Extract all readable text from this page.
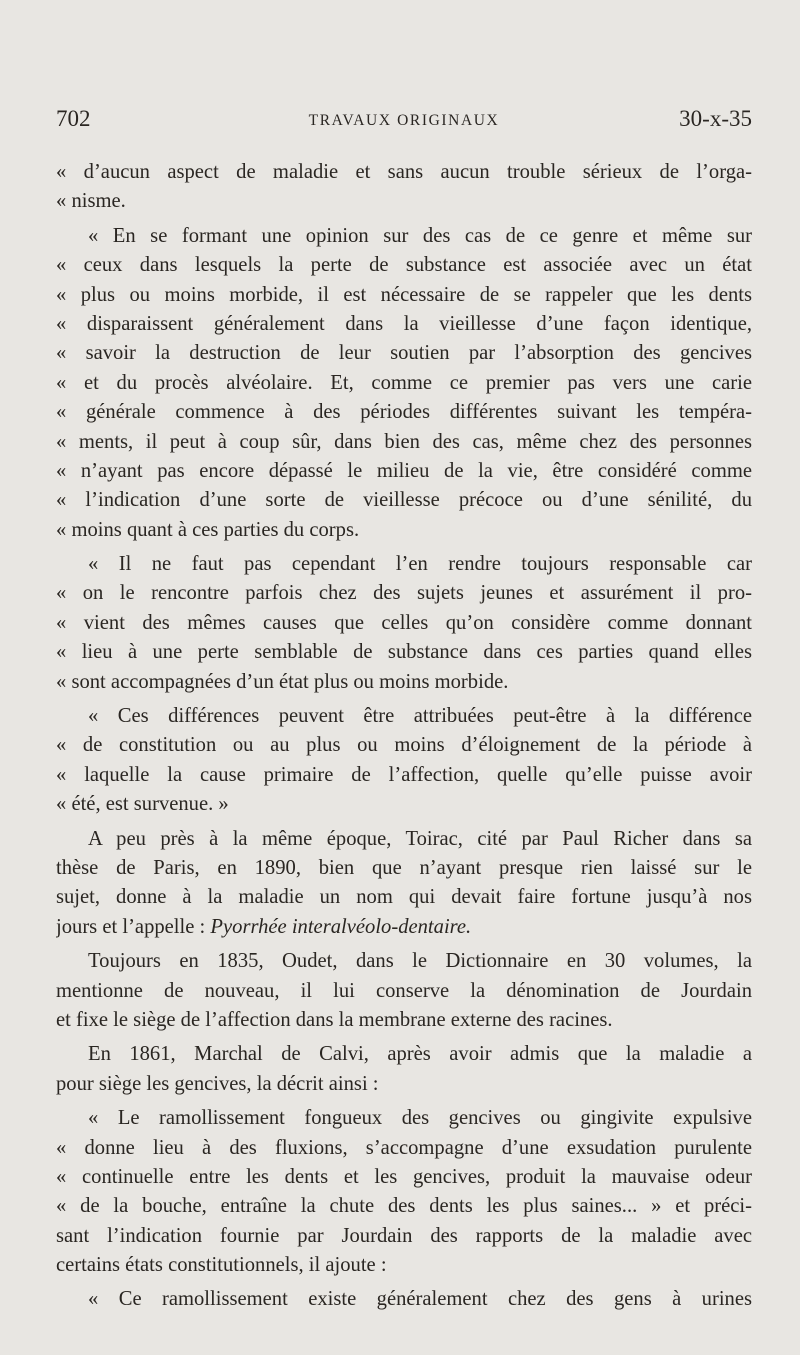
702	TRAVAUX ORIGINAUX	30-x-35
« d’aucun aspect de maladie et sans aucun trouble sérieux de l’orga-
« nisme.
« En se formant une opinion sur des cas de ce genre et même sur
« ceux dans lesquels la perte de substance est associée avec un état
« plus ou moins morbide, il est nécessaire de se rappeler que les dents
« disparaissent généralement dans la vieillesse d’une façon identique,
« savoir la destruction de leur soutien par l’absorption des gencives
« et du procès alvéolaire. Et, comme ce premier pas vers une carie
« générale commence à des périodes différentes suivant les tempéra-
« ments, il peut à coup sûr, dans bien des cas, même chez des personnes
« n’ayant pas encore dépassé le milieu de la vie, être considéré comme
« l’indication d’une sorte de vieillesse précoce ou d’une sénilité, du
« moins quant à ces parties du corps.
« Il ne faut pas cependant l’en rendre toujours responsable car
« on le rencontre parfois chez des sujets jeunes et assurément il pro-
« vient des mêmes causes que celles qu’on considère comme donnant
« lieu à une perte semblable de substance dans ces parties quand elles
« sont accompagnées d’un état plus ou moins morbide.
« Ces différences peuvent être attribuées peut-être à la différence
« de constitution ou au plus ou moins d’éloignement de la période à
« laquelle la cause primaire de l’affection, quelle qu’elle puisse avoir
« été, est survenue. »
A peu près à la même époque, Toirac, cité par Paul Richer dans sa
thèse de Paris, en 1890, bien que n’ayant presque rien laissé sur le
sujet, donne à la maladie un nom qui devait faire fortune jusqu’à nos
jours et l’appelle : Pyorrhée interalvéolo-dentaire.
Toujours en 1835, Oudet, dans le Dictionnaire en 30 volumes, la
mentionne de nouveau, il lui conserve la dénomination de Jourdain
et fixe le siège de l’affection dans la membrane externe des racines.
En 1861, Marchal de Calvi, après avoir admis que la maladie a
pour siège les gencives, la décrit ainsi :
« Le ramollissement fongueux des gencives ou gingivite expulsive
« donne lieu à des fluxions, s’accompagne d’une exsudation purulente
« continuelle entre les dents et les gencives, produit la mauvaise odeur
« de la bouche, entraîne la chute des dents les plus saines... » et préci-
sant l’indication fournie par Jourdain des rapports de la maladie avec
certains états constitutionnels, il ajoute :
« Ce ramollissement existe généralement chez des gens à urines
